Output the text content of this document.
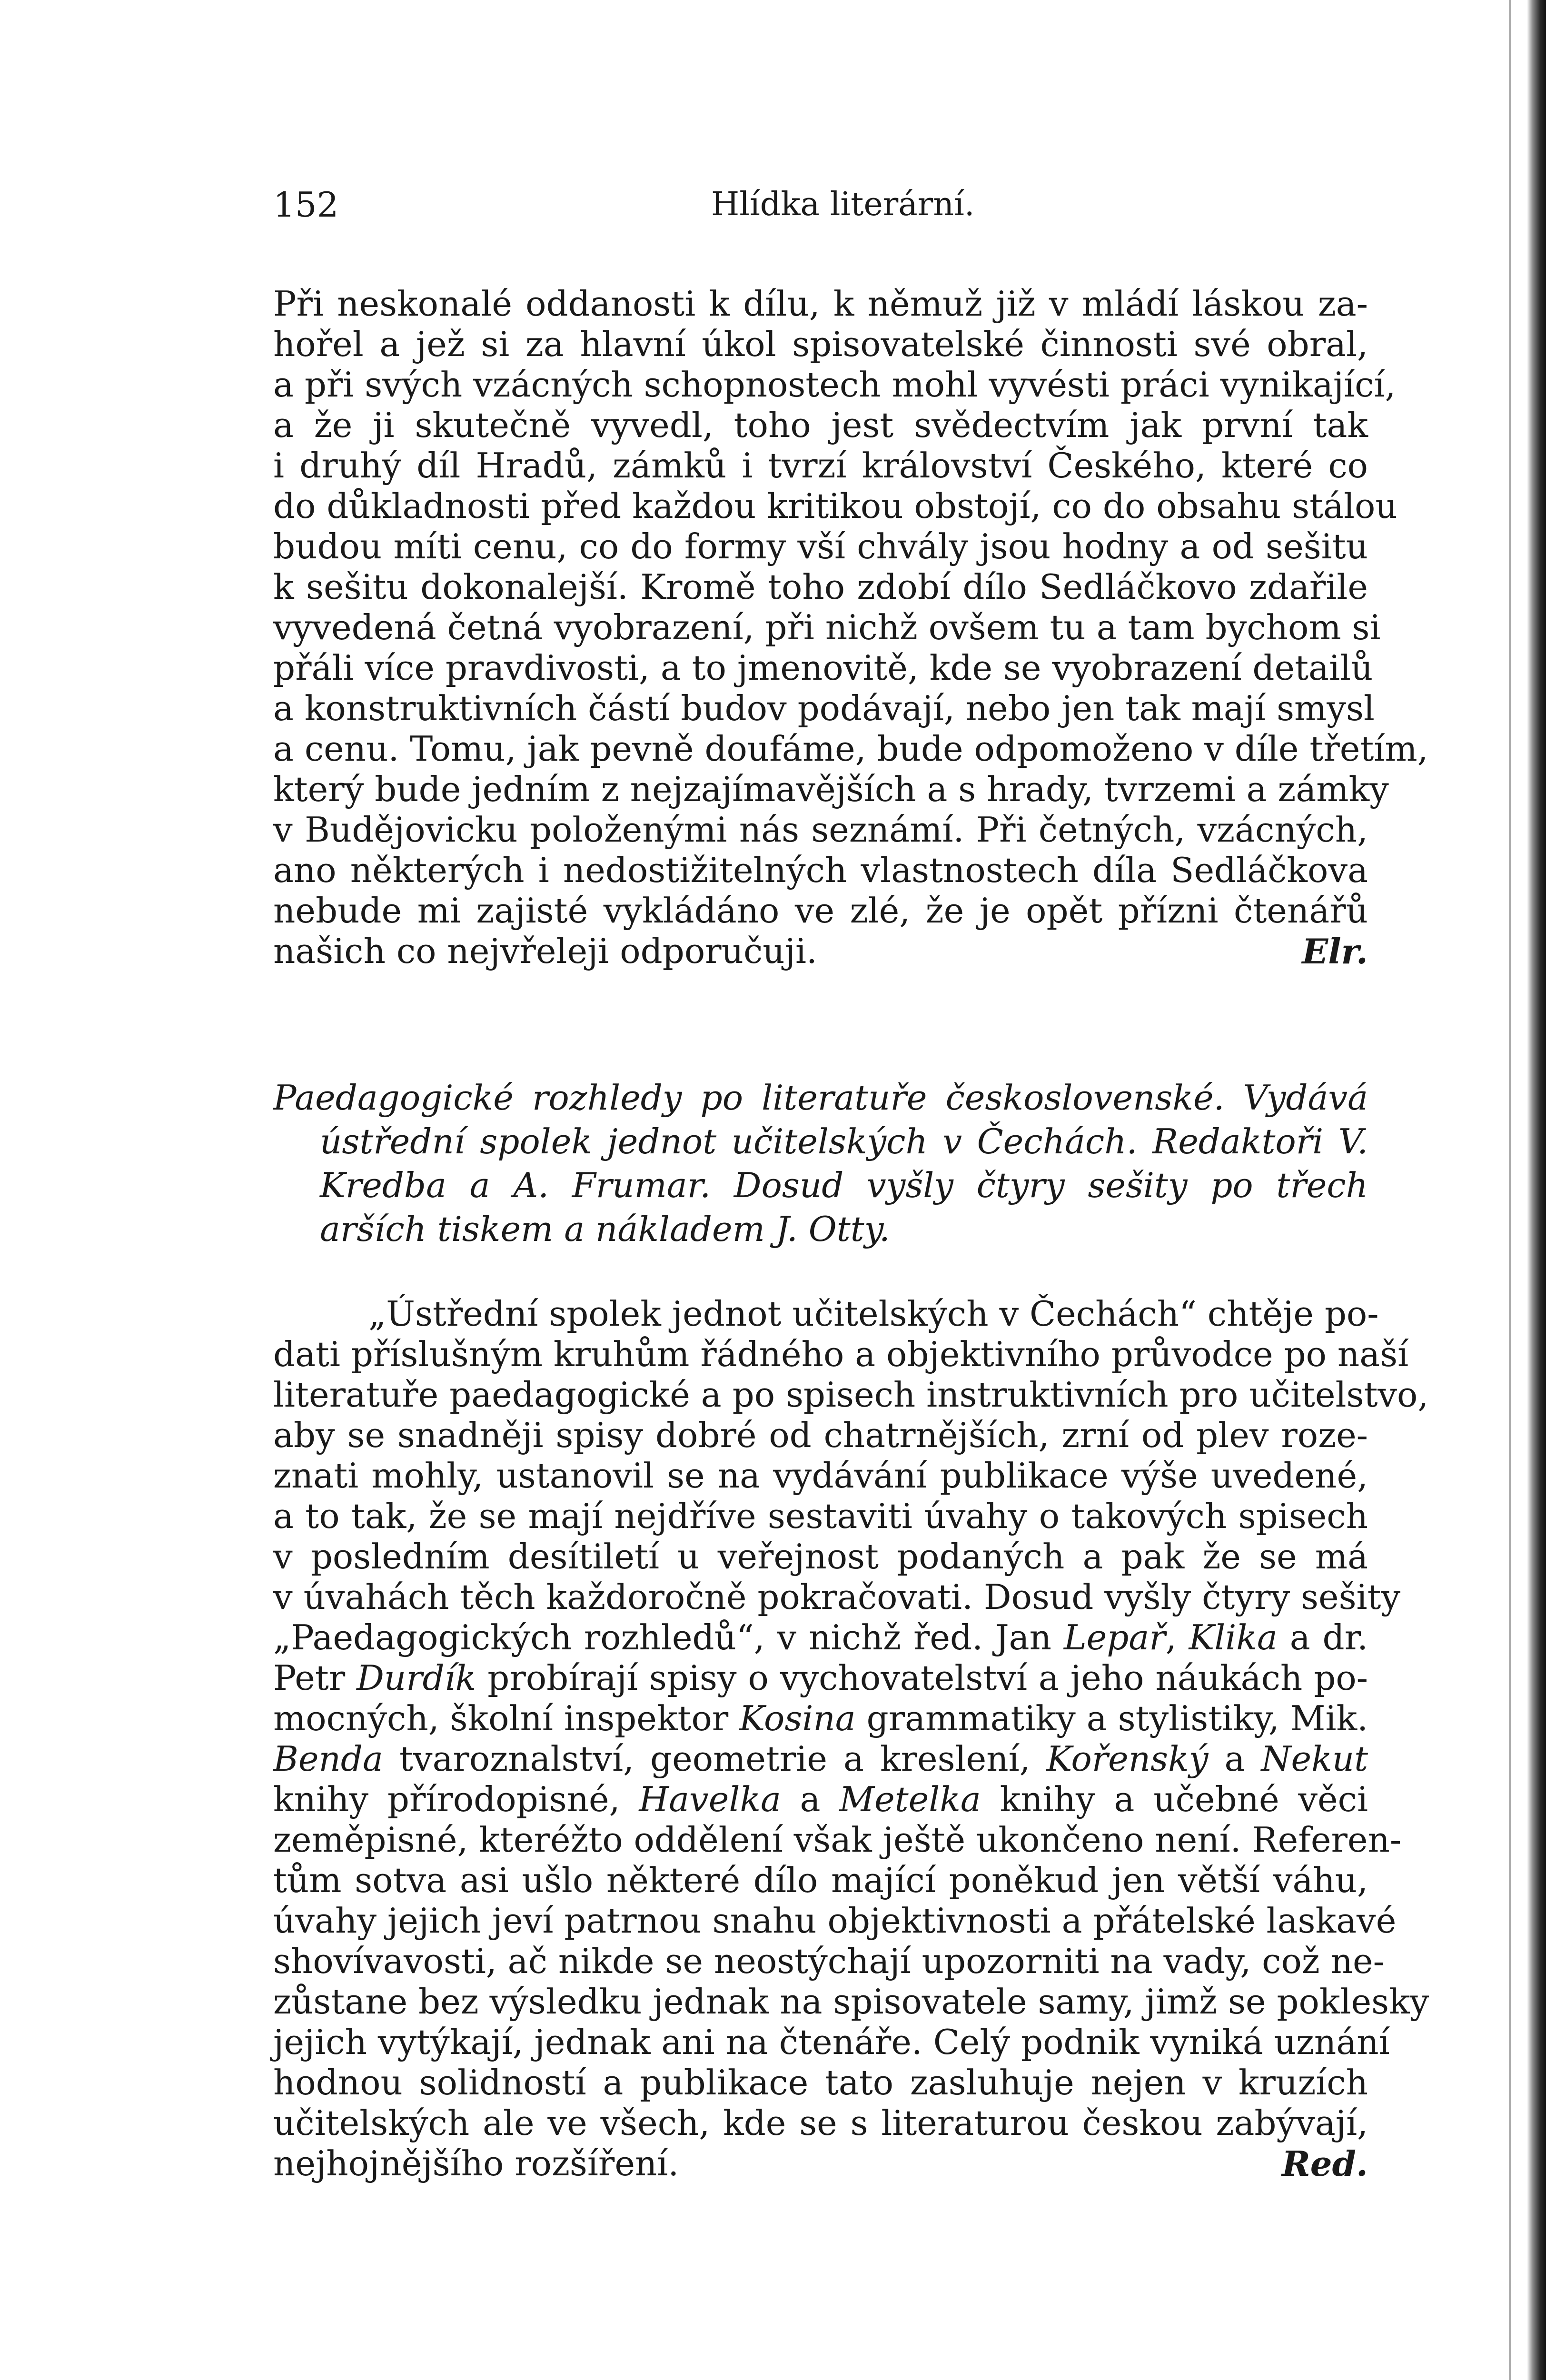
152	Hlídka literární.
Při neskonalé oddanosti k dílu, k němuž již v mládí láskou za-
hořel a jež si za hlavní úkol spisovatelské činnosti své obral,
a při svých vzácných schopnostech mohl vyvésti práci vynikající,
a že ji skutečně vyvedl, toho jest svědectvím jak první tak
i druhý díl Hradů, zámků i tvrzí království Českého, které co
do důkladnosti před každou kritikou obstojí, co do obsahu stálou
budou míti cenu, co do formy vší chvály jsou hodny a od sešitu
k sešitu dokonalejší. Kromě toho zdobí dílo Sedláčkovo zdařile
vyvedená četná vyobrazení, při nichž ovšem tu a tam bychom si
přáli více pravdivosti, a to jmenovitě, kde se vyobrazení detailů
a konstruktivních částí budov podávají, nebo jen tak mají smysl
a cenu. Tomu, jak pevně doufáme, bude odpomoženo v díle třetím,
který bude jedním z nejzajímavějších a s hrady, tvrzemi a zámky
v Budějovicku položenými nás seznámí. Při četných, vzácných,
ano některých i nedostižitelných vlastnostech díla Sedláčkova
nebude mi zajisté vykládáno ve zlé, že je opět přízni čtenářů
našich co nejvřeleji odporučuji.	Elr.
Paedagogické rozhledy po literatuře československé. Vydává
ústřední spolek jednot učitelských v Čechách. Redaktoři V.
Kredba a A. Frumar. Dosud vyšly čtyry sešity po třech
arších tiskem a nákladem J. Otty.
„Ústřední spolek jednot učitelských v Čechách“ chtěje po-
dati příslušným kruhům řádného a objektivního průvodce po naší
literatuře paedagogické a po spisech instruktivních pro učitelstvo,
aby se snadněji spisy dobré od chatrnějších, zrní od plev roze-
znati mohly, ustanovil se na vydávání publikace výše uvedené,
a to tak, že se mají nejdříve sestaviti úvahy o takových spisech
v posledním desítiletí u veřejnost podaných a pak že se má
v úvahách těch každoročně pokračovati. Dosud vyšly čtyry sešity
„Paedagogických rozhledů“, v nichž řed. Jan Lepař, Klika a dr.
Petr Durdík probírají spisy o vychovatelství a jeho náukách po-
mocných, školní inspektor Kosina grammatiky a stylistiky, Mik.
Benda tvaroznalství, geometrie a kreslení, Kořenský a Nekut
knihy přírodopisné, Havelka a Metelka knihy a učebné věci
zeměpisné, kteréžto oddělení však ještě ukončeno není. Referen-
tům sotva asi ušlo některé dílo mající poněkud jen větší váhu,
úvahy jejich jeví patrnou snahu objektivnosti a přátelské laskavé
shovívavosti, ač nikde se neostýchají upozorniti na vady, což ne-
zůstane bez výsledku jednak na spisovatele samy, jimž se poklesky
jejich vytýkají, jednak ani na čtenáře. Celý podnik vyniká uznání
hodnou solidností a publikace tato zasluhuje nejen v kruzích
učitelských ale ve všech, kde se s literaturou českou zabývají,
nejhojnějšího rozšíření.	Red.
